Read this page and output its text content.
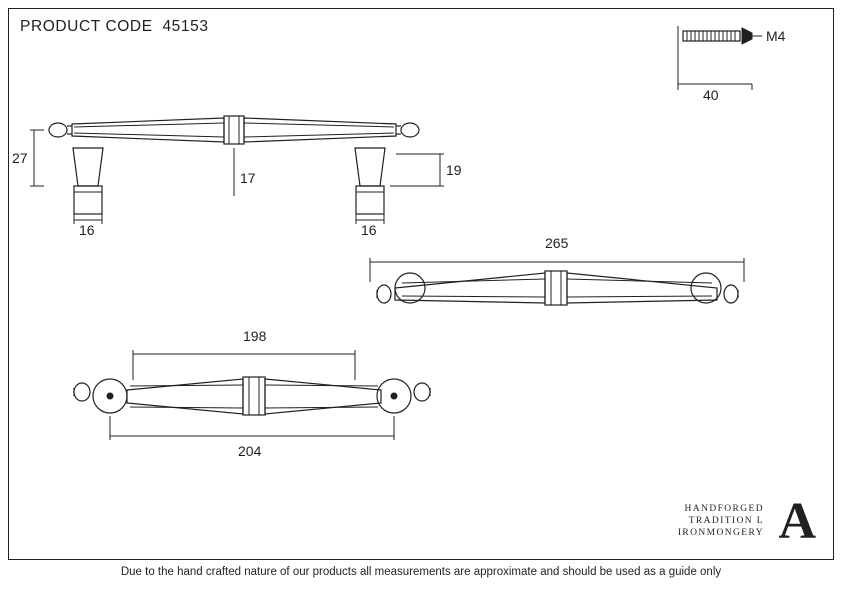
PRODUCT CODE  45153
M4
40
27
17	19
16	16
265
198
204
HANDFORGED
TRADITION L
IRONMONGERY A
Due to the hand crafted nature of our products all measurements are approximate and should be used as a guide only
